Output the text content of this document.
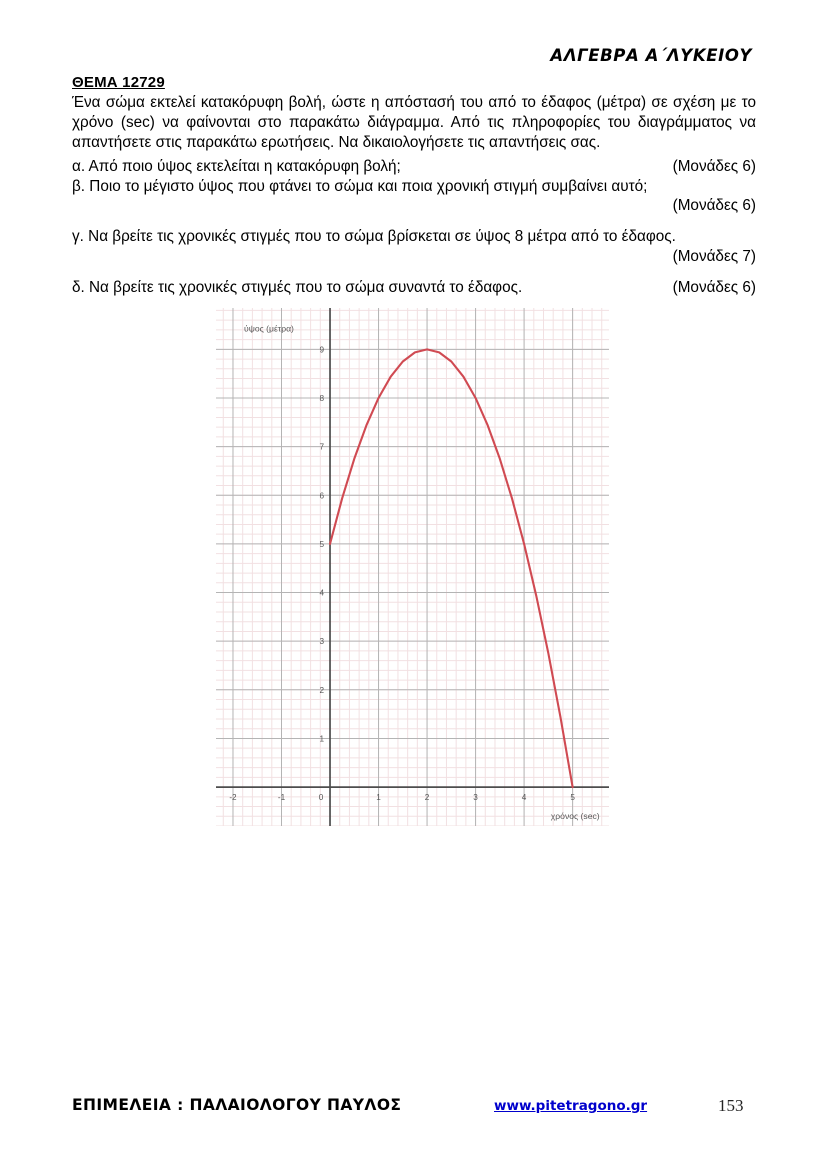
ΑΛΓΕΒΡΑ Α΄ΛΥΚΕΙΟΥ
ΘΕΜΑ 12729

Ένα σώμα εκτελεί κατακόρυφη βολή, ώστε η απόστασή του από το έδαφος (μέτρα) σε σχέση με το χρόνο (sec) να φαίνονται στο παρακάτω διάγραμμα. Από τις πληροφορίες του διαγράμματος να απαντήσετε στις παρακάτω ερωτήσεις. Να δικαιολογήσετε τις απαντήσεις σας.

α. Από ποιο ύψος εκτελείται η κατακόρυφη βολή;	(Μονάδες 6)
β. Ποιο το μέγιστο ύψος που φτάνει το σώμα και ποια χρονική στιγμή συμβαίνει αυτό;
(Μονάδες 6)
γ. Να βρείτε τις χρονικές στιγμές που το σώμα βρίσκεται σε ύψος 8 μέτρα από το έδαφος.
(Μονάδες 7)
δ. Να βρείτε τις χρονικές στιγμές που το σώμα συναντά το έδαφος.	(Μονάδες 6)
-2	-1	0	1	2	3	4	5
1
2
3
4
5
6
7
8
9
ύψος (μέτρα)
χρόνος (sec)
ΕΠΙΜΕΛΕΙΑ : ΠΑΛΑΙΟΛΟΓΟΥ ΠΑΥΛΟΣ	www.pitetragono.gr	153
